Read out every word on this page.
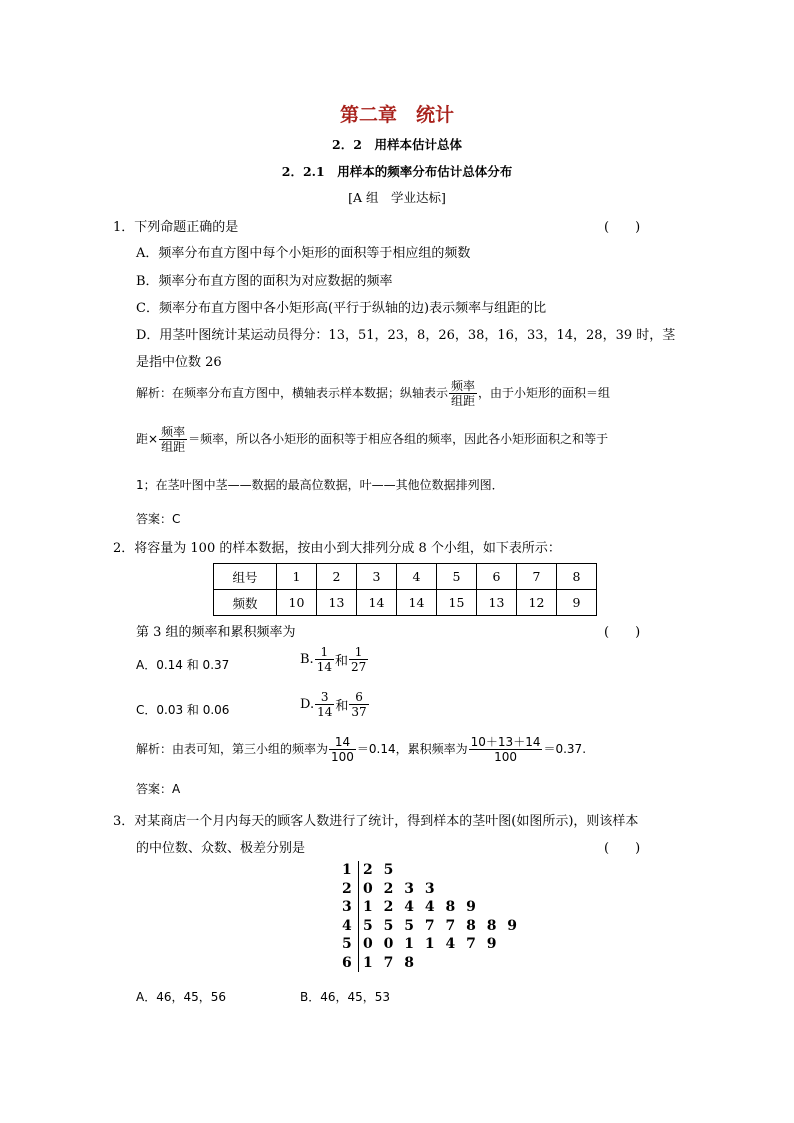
第二章　统计
2．2　用样本估计总体
2．2.1　用样本的频率分布估计总体分布
[A 组　学业达标]
1．下列命题正确的是	(　　)
A．频率分布直方图中每个小矩形的面积等于相应组的频数
B．频率分布直方图的面积为对应数据的频率
C．频率分布直方图中各小矩形高(平行于纵轴的边)表示频率与组距的比
D．用茎叶图统计某运动员得分：13，51，23，8，26，38，16，33，14，28，39 时，茎
是指中位数 26
解析：在频率分布直方图中，横轴表示样本数据；纵轴表示 $\frac{\text{频率}}{\text{组距}}$ ，由于小矩形的面积＝组
距× $\frac{\text{频率}}{\text{组距}}$ ＝频率，所以各小矩形的面积等于相应各组的频率，因此各小矩形面积之和等于
1；在茎叶图中茎——数据的最高位数据，叶——其他位数据排列图．
答案：C
2．将容量为 100 的样本数据，按由小到大排列分成 8 个小组，如下表所示：
组号	1	2	3	4	5	6	7	8
频数	10	13	14	14	15	13	12	9
第 3 组的频率和累积频率为	(　　)
A．0.14 和 0.37	B. $\frac{1}{14}$ 和 $\frac{1}{27}$
C．0.03 和 0.06	D. $\frac{3}{14}$ 和 $\frac{6}{37}$
解析：由表可知，第三小组的频率为 $\frac{14}{100} =0.14$，累积频率为 $\frac{10+13+14}{100} =0.37$.
答案：A
3．对某商店一个月内每天的顾客人数进行了统计，得到样本的茎叶图(如图所示)，则该样本
的中位数、众数、极差分别是	(　　)
1 2 5
2 0 2 3 3
3 1 2 4 4 8 9
4 5 5 5 7 7 8 8 9
5 0 0 1 1 4 7 9
6 1 7 8
A．46，45，56	B．46，45，53
